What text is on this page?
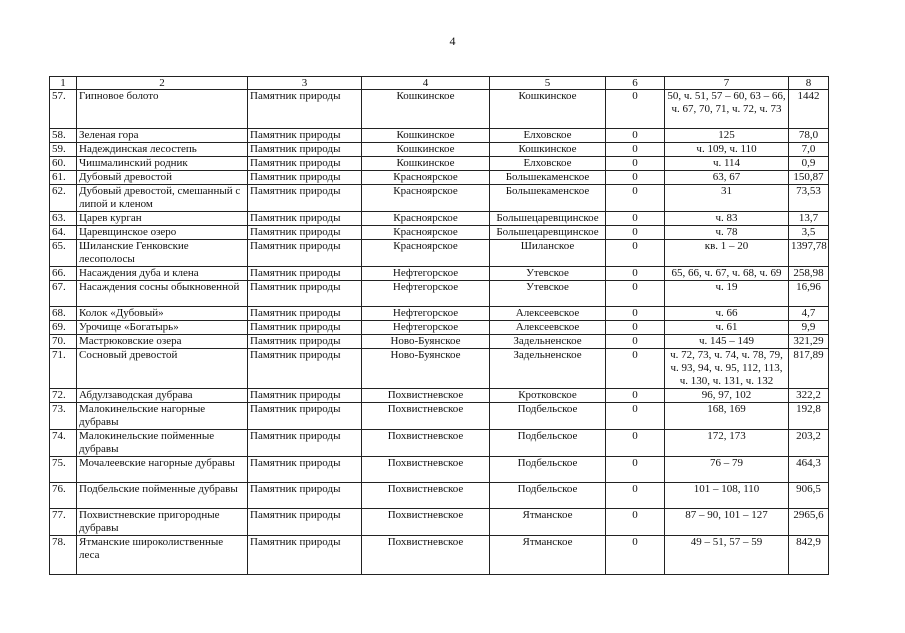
4
1	2	3	4	5	6	7	8
57.	Гипновое болото	Памятник природы	Кошкинское	Кошкинское	0	50, ч. 51, 57 – 60, 63 – 66, ч. 67, 70, 71, ч. 72, ч. 73	1442
58.	Зеленая гора	Памятник природы	Кошкинское	Елховское	0	125	78,0
59.	Надеждинская лесостепь	Памятник природы	Кошкинское	Кошкинское	0	ч. 109, ч. 110	7,0
60.	Чишмалинский родник	Памятник природы	Кошкинское	Елховское	0	ч. 114	0,9
61.	Дубовый древостой	Памятник природы	Красноярское	Большекаменское	0	63, 67	150,87
62.	Дубовый древостой, смешанный с липой и кленом	Памятник природы	Красноярское	Большекаменское	0	31	73,53
63.	Царев курган	Памятник природы	Красноярское	Большецаревщинское	0	ч. 83	13,7
64.	Царевщинское озеро	Памятник природы	Красноярское	Большецаревщинское	0	ч. 78	3,5
65.	Шиланские Генковские лесополосы	Памятник природы	Красноярское	Шиланское	0	кв. 1 – 20	1397,78
66.	Насаждения дуба и клена	Памятник природы	Нефтегорское	Утевское	0	65, 66, ч. 67, ч. 68, ч. 69	258,98
67.	Насаждения сосны обыкновенной	Памятник природы	Нефтегорское	Утевское	0	ч. 19	16,96
68.	Колок «Дубовый»	Памятник природы	Нефтегорское	Алексеевское	0	ч. 66	4,7
69.	Урочище «Богатырь»	Памятник природы	Нефтегорское	Алексеевское	0	ч. 61	9,9
70.	Мастрюковские озера	Памятник природы	Ново-Буянское	Задельненское	0	ч. 145 – 149	321,29
71.	Сосновый древостой	Памятник природы	Ново-Буянское	Задельненское	0	ч. 72, 73, ч. 74, ч. 78, 79, ч. 93, 94, ч. 95, 112, 113, ч. 130, ч. 131, ч. 132	817,89
72.	Абдулзаводская дубрава	Памятник природы	Похвистневское	Кротковское	0	96, 97, 102	322,2
73.	Малокинельские нагорные дубравы	Памятник природы	Похвистневское	Подбельское	0	168, 169	192,8
74.	Малокинельские пойменные дубравы	Памятник природы	Похвистневское	Подбельское	0	172, 173	203,2
75.	Мочалеевские нагорные дубравы	Памятник природы	Похвистневское	Подбельское	0	76 – 79	464,3
76.	Подбельские пойменные дубравы	Памятник природы	Похвистневское	Подбельское	0	101 – 108, 110	906,5
77.	Похвистневские пригородные дубравы	Памятник природы	Похвистневское	Ятманское	0	87 – 90, 101 – 127	2965,6
78.	Ятманские широколиственные леса	Памятник природы	Похвистневское	Ятманское	0	49 – 51, 57 – 59	842,9
